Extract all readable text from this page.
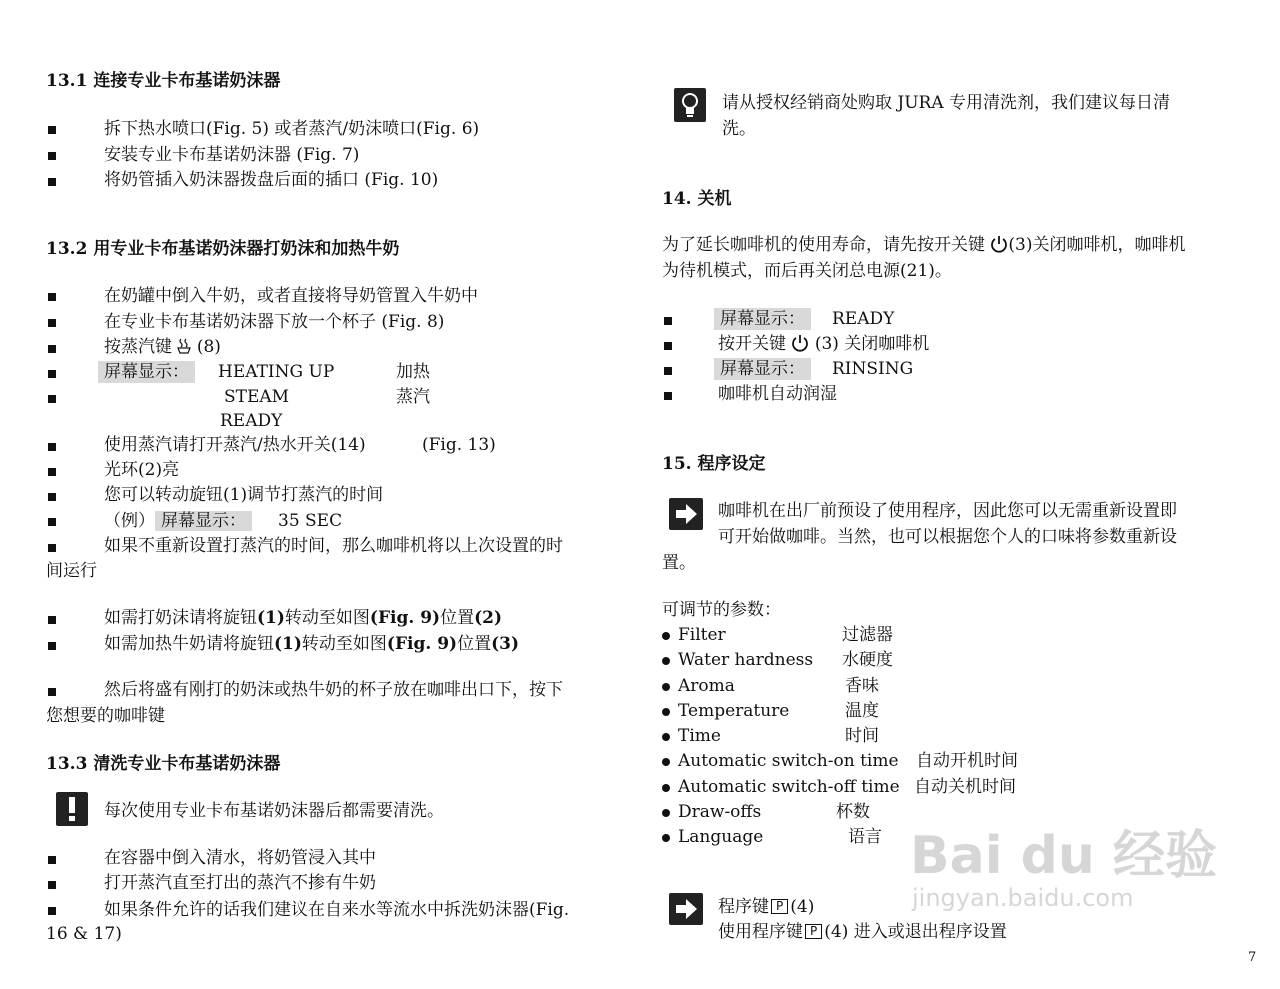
13.1 连接专业卡布基诺奶沫器
拆下热水喷口(Fig. 5) 或者蒸汽/奶沫喷口(Fig. 6)
安装专业卡布基诺奶沫器 (Fig. 7)
将奶管插入奶沫器拨盘后面的插口 (Fig. 10)
13.2 用专业卡布基诺奶沫器打奶沫和加热牛奶
在奶罐中倒入牛奶，或者直接将导奶管置入牛奶中
在专业卡布基诺奶沫器下放一个杯子 (Fig. 8)
按蒸汽键 (8)
屏幕显示：	HEATING UP	加热
STEAM	蒸汽
READY
使用蒸汽请打开蒸汽/热水开关(14)	(Fig. 13)
光环(2)亮
您可以转动旋钮(1)调节打蒸汽的时间
（例） 屏幕显示：	35 SEC
如果不重新设置打蒸汽的时间，那么咖啡机将以上次设置的时
间运行
如需打奶沫请将旋钮(1)转动至如图(Fig. 9)位置(2)
如需加热牛奶请将旋钮(1)转动至如图(Fig. 9)位置(3)
然后将盛有刚打的奶沫或热牛奶的杯子放在咖啡出口下，按下
您想要的咖啡键
13.3 清洗专业卡布基诺奶沫器
每次使用专业卡布基诺奶沫器后都需要清洗。
在容器中倒入清水，将奶管浸入其中
打开蒸汽直至打出的蒸汽不掺有牛奶
如果条件允许的话我们建议在自来水等流水中拆洗奶沫器(Fig.
16 & 17)
请从授权经销商处购取 JURA 专用清洗剂，我们建议每日清
洗。
14. 关机
为了延长咖啡机的使用寿命，请先按开关键 (3)关闭咖啡机，咖啡机
为待机模式，而后再关闭总电源(21)。
屏幕显示：	READY
按开关键 (3) 关闭咖啡机
屏幕显示：	RINSING
咖啡机自动润湿
15. 程序设定
咖啡机在出厂前预设了使用程序，因此您可以无需重新设置即
可开始做咖啡。当然，也可以根据您个人的口味将参数重新设
置。
可调节的参数：
Filter	过滤器
Water hardness 水硬度
Aroma	香味
Temperature	温度
Time	时间
Automatic switch-on time 自动开机时间
Automatic switch-off time 自动关机时间
Draw-offs	杯数
Language	语言
程序键 P (4)
使用程序键 P (4) 进入或退出程序设置
Bai du 经验
jingyan.baidu.com
7
